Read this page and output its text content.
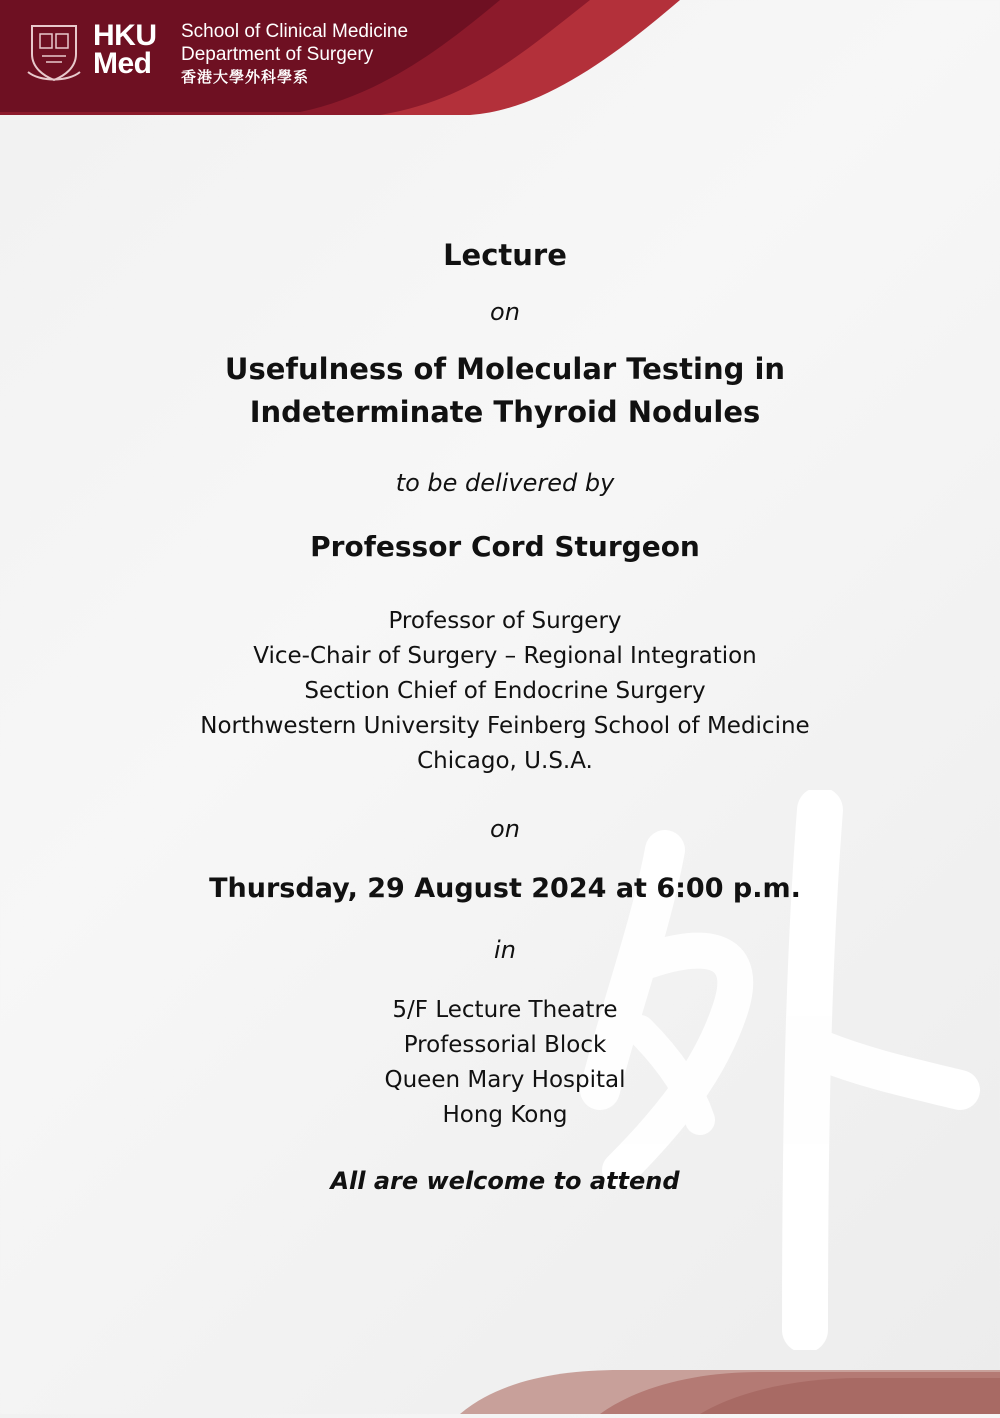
HKU
Med
School of Clinical Medicine
Department of Surgery
香港大學外科學系
Lecture
on
Usefulness of Molecular Testing in
Indeterminate Thyroid Nodules
to be delivered by
Professor Cord Sturgeon
Professor of Surgery
Vice-Chair of Surgery – Regional Integration
Section Chief of Endocrine Surgery
Northwestern University Feinberg School of Medicine
Chicago, U.S.A.
on
Thursday, 29 August 2024 at 6:00 p.m.
in
5/F Lecture Theatre
Professorial Block
Queen Mary Hospital
Hong Kong
All are welcome to attend
